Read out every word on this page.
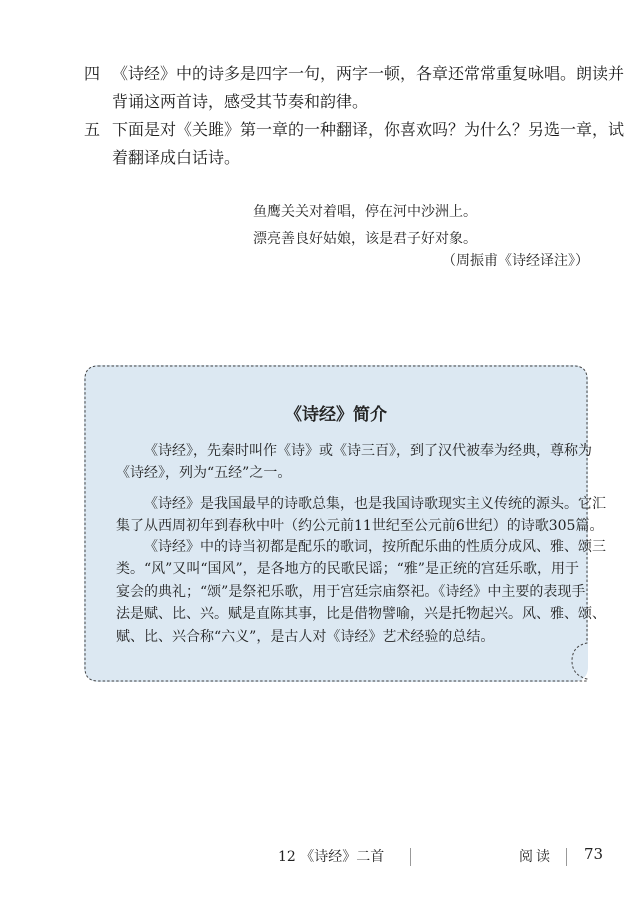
四 《诗经》中的诗多是四字一句，两字一顿，各章还常常重复咏唱。朗读并
背诵这两首诗，感受其节奏和韵律。
五 下面是对《关雎》第一章的一种翻译，你喜欢吗？为什么？另选一章，试
着翻译成白话诗。
鱼鹰关关对着唱，停在河中沙洲上。
漂亮善良好姑娘，该是君子好对象。
（周振甫《诗经译注》）
《诗经》简介
《诗经》，先秦时叫作《诗》或《诗三百》，到了汉代被奉为经典，尊称为
《诗经》，列为“五经”之一。
《诗经》是我国最早的诗歌总集，也是我国诗歌现实主义传统的源头。它汇
集了从西周初年到春秋中叶（约公元前11世纪至公元前6世纪）的诗歌305篇。
《诗经》中的诗当初都是配乐的歌词，按所配乐曲的性质分成风、雅、颂三
类。“风”又叫“国风”，是各地方的民歌民谣；“雅”是正统的宫廷乐歌，用于
宴会的典礼；“颂”是祭祀乐歌，用于宫廷宗庙祭祀。《诗经》中主要的表现手
法是赋、比、兴。赋是直陈其事，比是借物譬喻，兴是托物起兴。风、雅、颂、
赋、比、兴合称“六义”，是古人对《诗经》艺术经验的总结。
12 《诗经》二首	阅读 73
